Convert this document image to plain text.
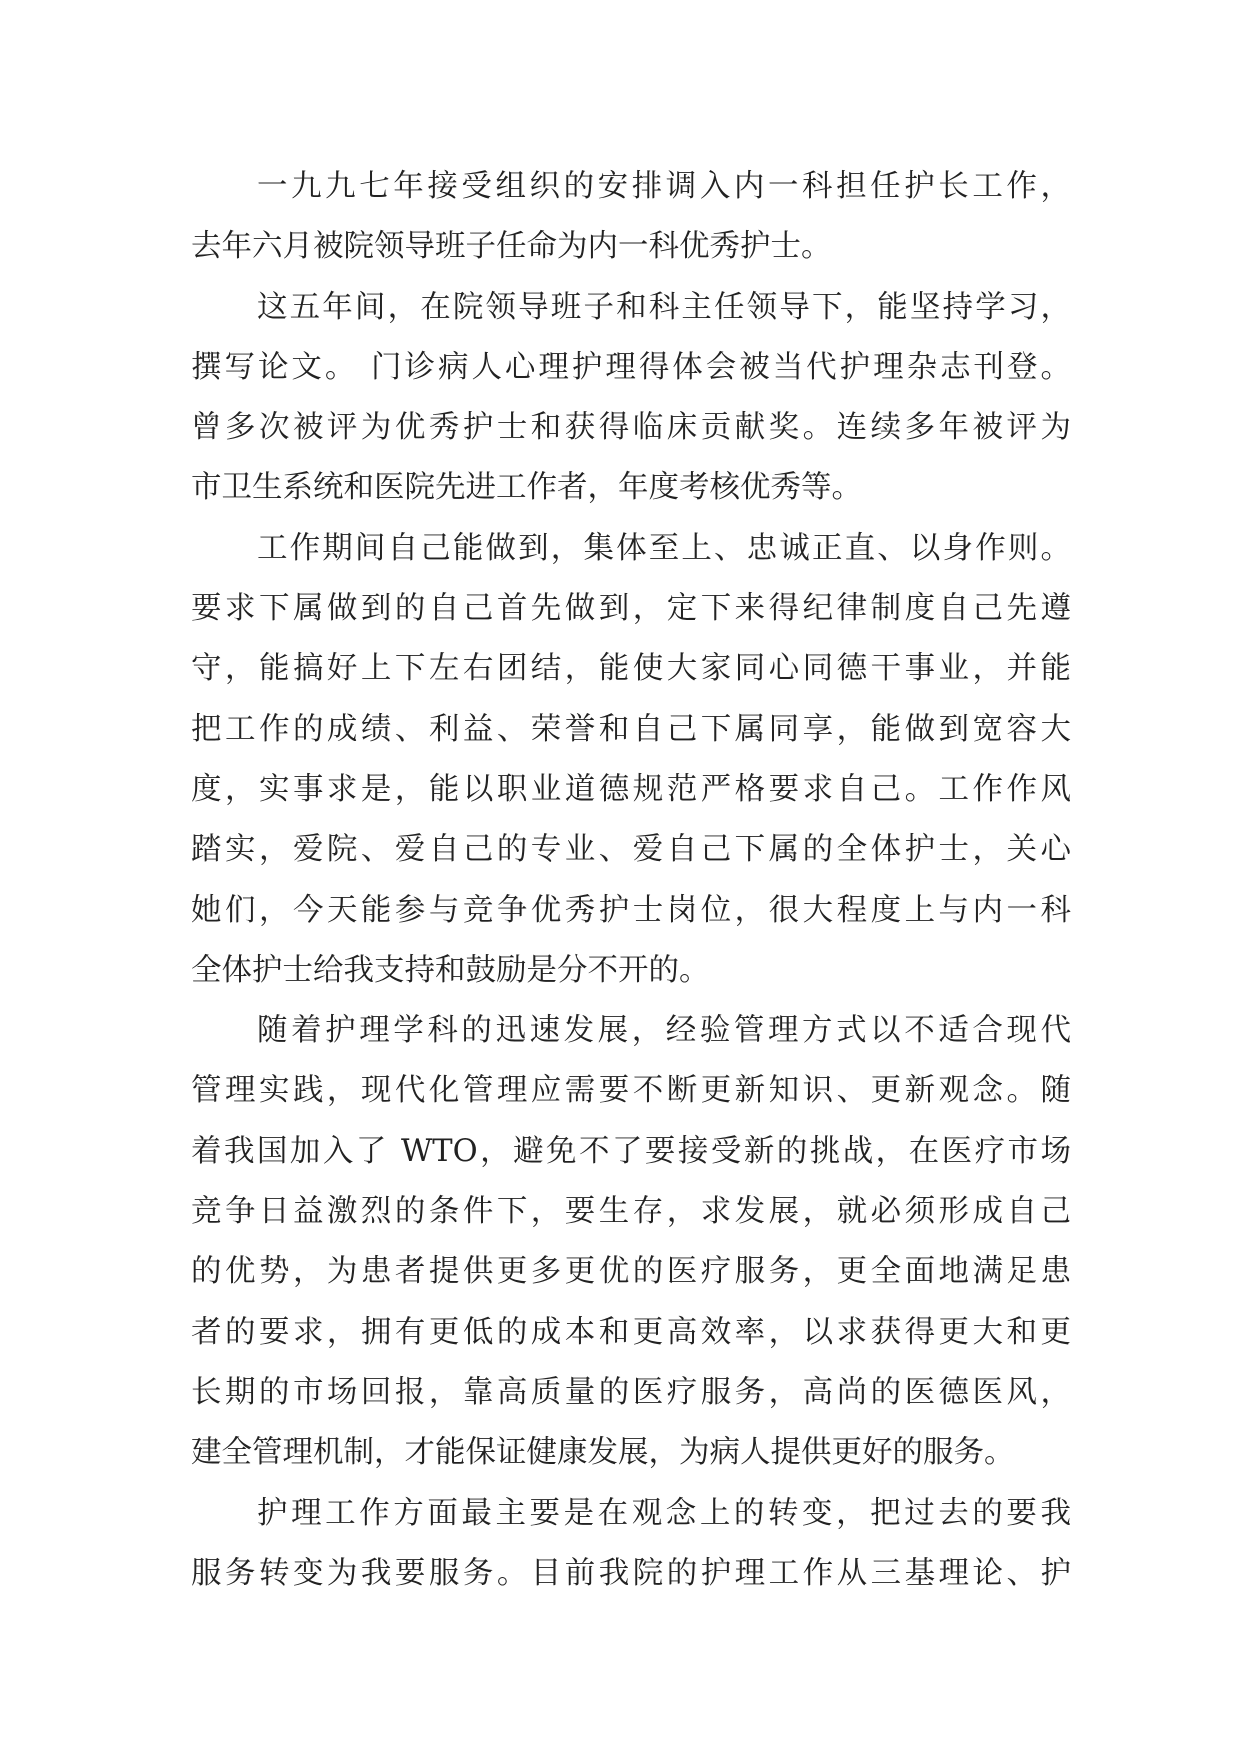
一九九七年接受组织的安排调入内一科担任护长工作，
去年六月被院领导班子任命为内一科优秀护士。
这五年间，在院领导班子和科主任领导下，能坚持学习，
撰写论文。 门诊病人心理护理得体会被当代护理杂志刊登。
曾多次被评为优秀护士和获得临床贡献奖。连续多年被评为
市卫生系统和医院先进工作者，年度考核优秀等。
工作期间自己能做到，集体至上、忠诚正直、以身作则。
要求下属做到的自己首先做到，定下来得纪律制度自己先遵
守，能搞好上下左右团结，能使大家同心同德干事业，并能
把工作的成绩、利益、荣誉和自己下属同享，能做到宽容大
度，实事求是，能以职业道德规范严格要求自己。工作作风
踏实，爱院、爱自己的专业、爱自己下属的全体护士，关心
她们，今天能参与竞争优秀护士岗位，很大程度上与内一科
全体护士给我支持和鼓励是分不开的。
随着护理学科的迅速发展，经验管理方式以不适合现代
管理实践，现代化管理应需要不断更新知识、更新观念。随
着我国加入了 WTO，避免不了要接受新的挑战，在医疗市场
竞争日益激烈的条件下，要生存，求发展，就必须形成自己
的优势，为患者提供更多更优的医疗服务，更全面地满足患
者的要求，拥有更低的成本和更高效率，以求获得更大和更
长期的市场回报，靠高质量的医疗服务，高尚的医德医风，
建全管理机制，才能保证健康发展，为病人提供更好的服务。
护理工作方面最主要是在观念上的转变，把过去的要我
服务转变为我要服务。目前我院的护理工作从三基理论、护
